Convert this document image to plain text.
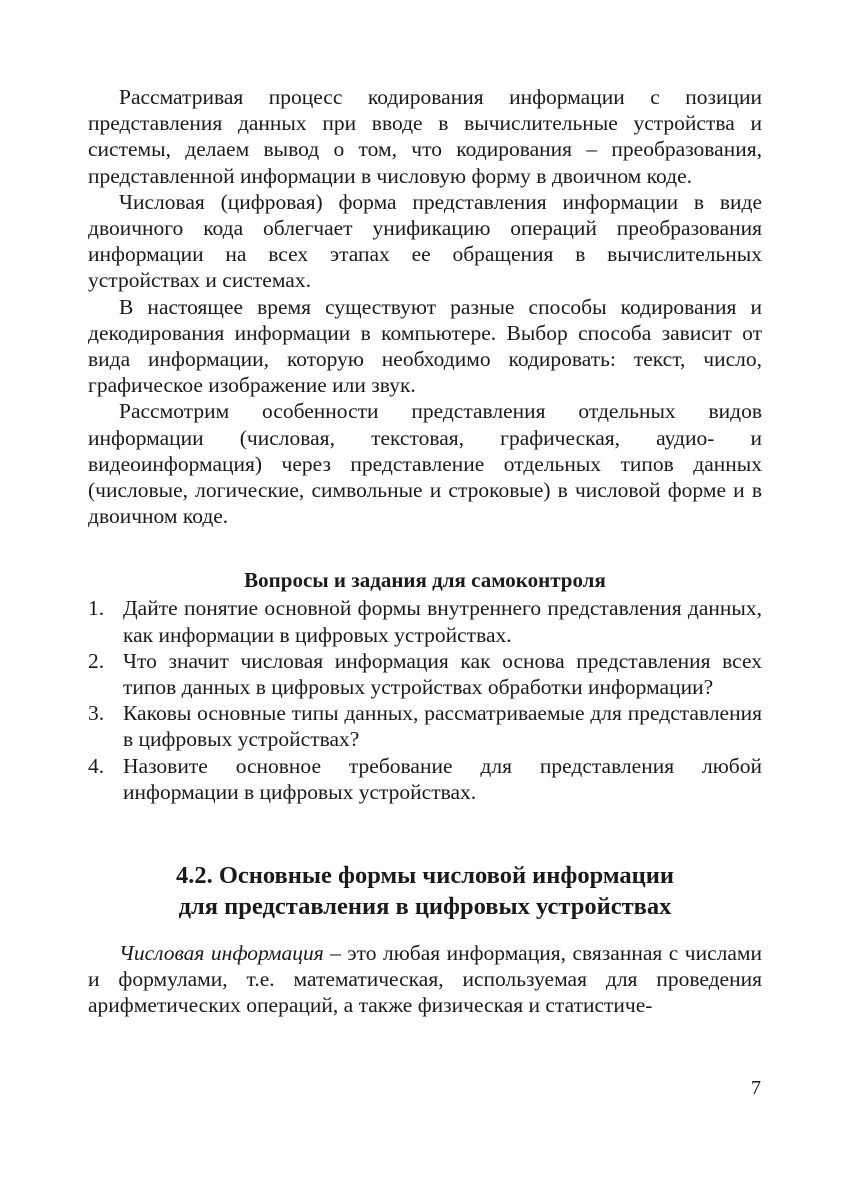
Рассматривая процесс кодирования информации с позиции представления данных при вводе в вычислительные устройства и системы, делаем вывод о том, что кодирования – преобразования, представленной информации в числовую форму в двоичном коде.

Числовая (цифровая) форма представления информации в виде двоичного кода облегчает унификацию операций преобразования информации на всех этапах ее обращения в вычислительных устройствах и системах.

В настоящее время существуют разные способы кодирования и декодирования информации в компьютере. Выбор способа зависит от вида информации, которую необходимо кодировать: текст, число, графическое изображение или звук.

Рассмотрим особенности представления отдельных видов информации (числовая, текстовая, графическая, аудио- и видеоинформация) через представление отдельных типов данных (числовые, логические, символьные и строковые) в числовой форме и в двоичном коде.

Вопросы и задания для самоконтроля
1. Дайте понятие основной формы внутреннего представления данных, как информации в цифровых устройствах.
2. Что значит числовая информация как основа представления всех типов данных в цифровых устройствах обработки информации?
3. Каковы основные типы данных, рассматриваемые для представления в цифровых устройствах?
4. Назовите основное требование для представления любой информации в цифровых устройствах.
4.2. Основные формы числовой информации
для представления в цифровых устройствах

Числовая информация – это любая информация, связанная с числами и формулами, т.е. математическая, используемая для проведения арифметических операций, а также физическая и статистиче-

7
